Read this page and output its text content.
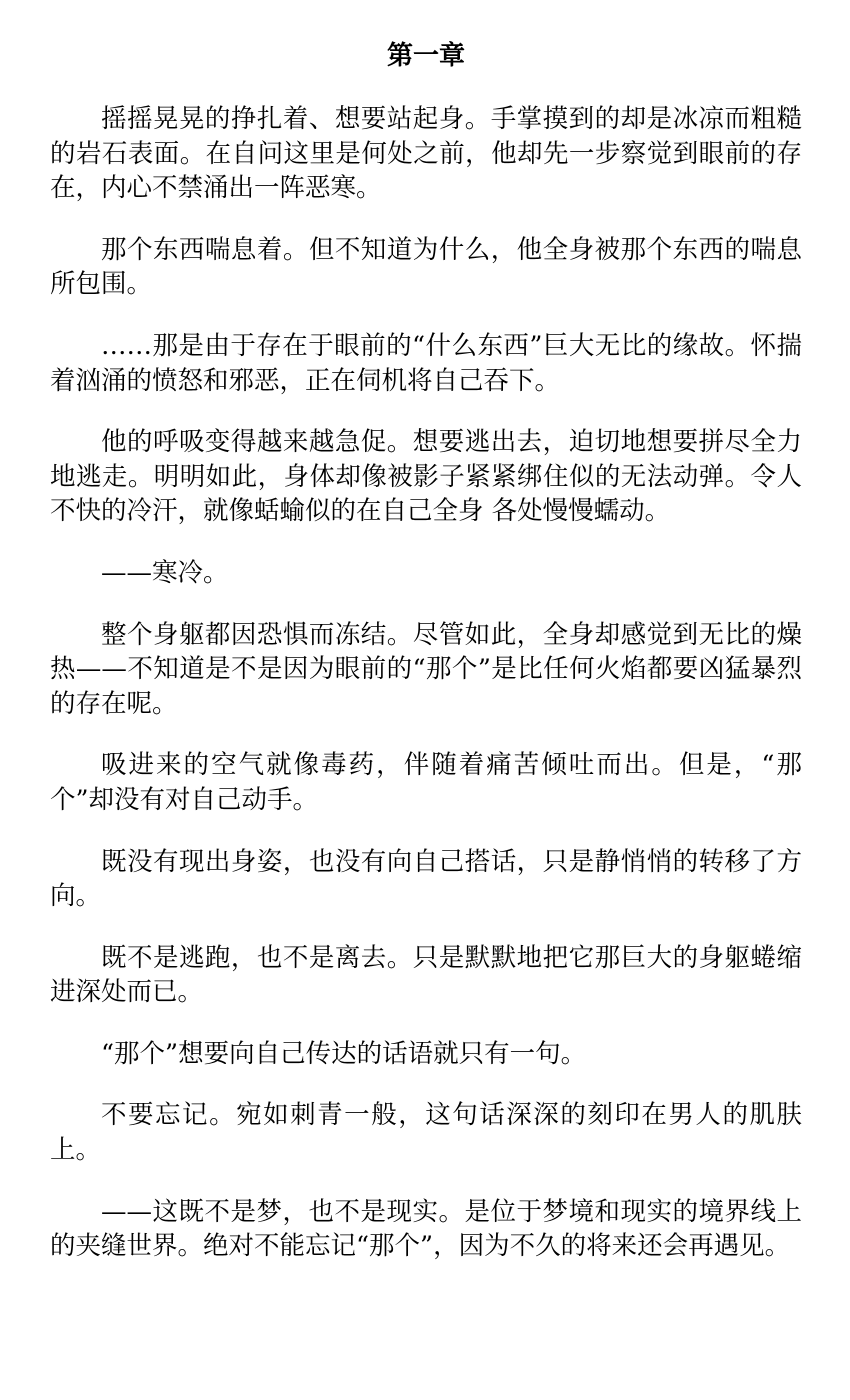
第一章

摇摇晃晃的挣扎着、想要站起身。手掌摸到的却是冰凉而粗糙的岩石表面。在自问这里是何处之前，他却先一步察觉到眼前的存在，内心不禁涌出一阵恶寒。

那个东西喘息着。但不知道为什么，他全身被那个东西的喘息所包围。

……那是由于存在于眼前的“什么东西”巨大无比的缘故。怀揣着汹涌的愤怒和邪恶，正在伺机将自己吞下。

他的呼吸变得越来越急促。想要逃出去，迫切地想要拼尽全力地逃走。明明如此，身体却像被影子紧紧绑住似的无法动弹。令人不快的冷汗，就像蛞蝓似的在自己全身 各处慢慢蠕动。

——寒冷。

整个身躯都因恐惧而冻结。尽管如此，全身却感觉到无比的燥热——不知道是不是因为眼前的“那个”是比任何火焰都要凶猛暴烈的存在呢。

吸进来的空气就像毒药，伴随着痛苦倾吐而出。但是，“那个”却没有对自己动手。

既没有现出身姿，也没有向自己搭话，只是静悄悄的转移了方向。

既不是逃跑，也不是离去。只是默默地把它那巨大的身躯蜷缩进深处而已。

“那个”想要向自己传达的话语就只有一句。

不要忘记。宛如刺青一般，这句话深深的刻印在男人的肌肤上。

——这既不是梦，也不是现实。是位于梦境和现实的境界线上的夹缝世界。绝对不能忘记“那个”，因为不久的将来还会再遇见。
